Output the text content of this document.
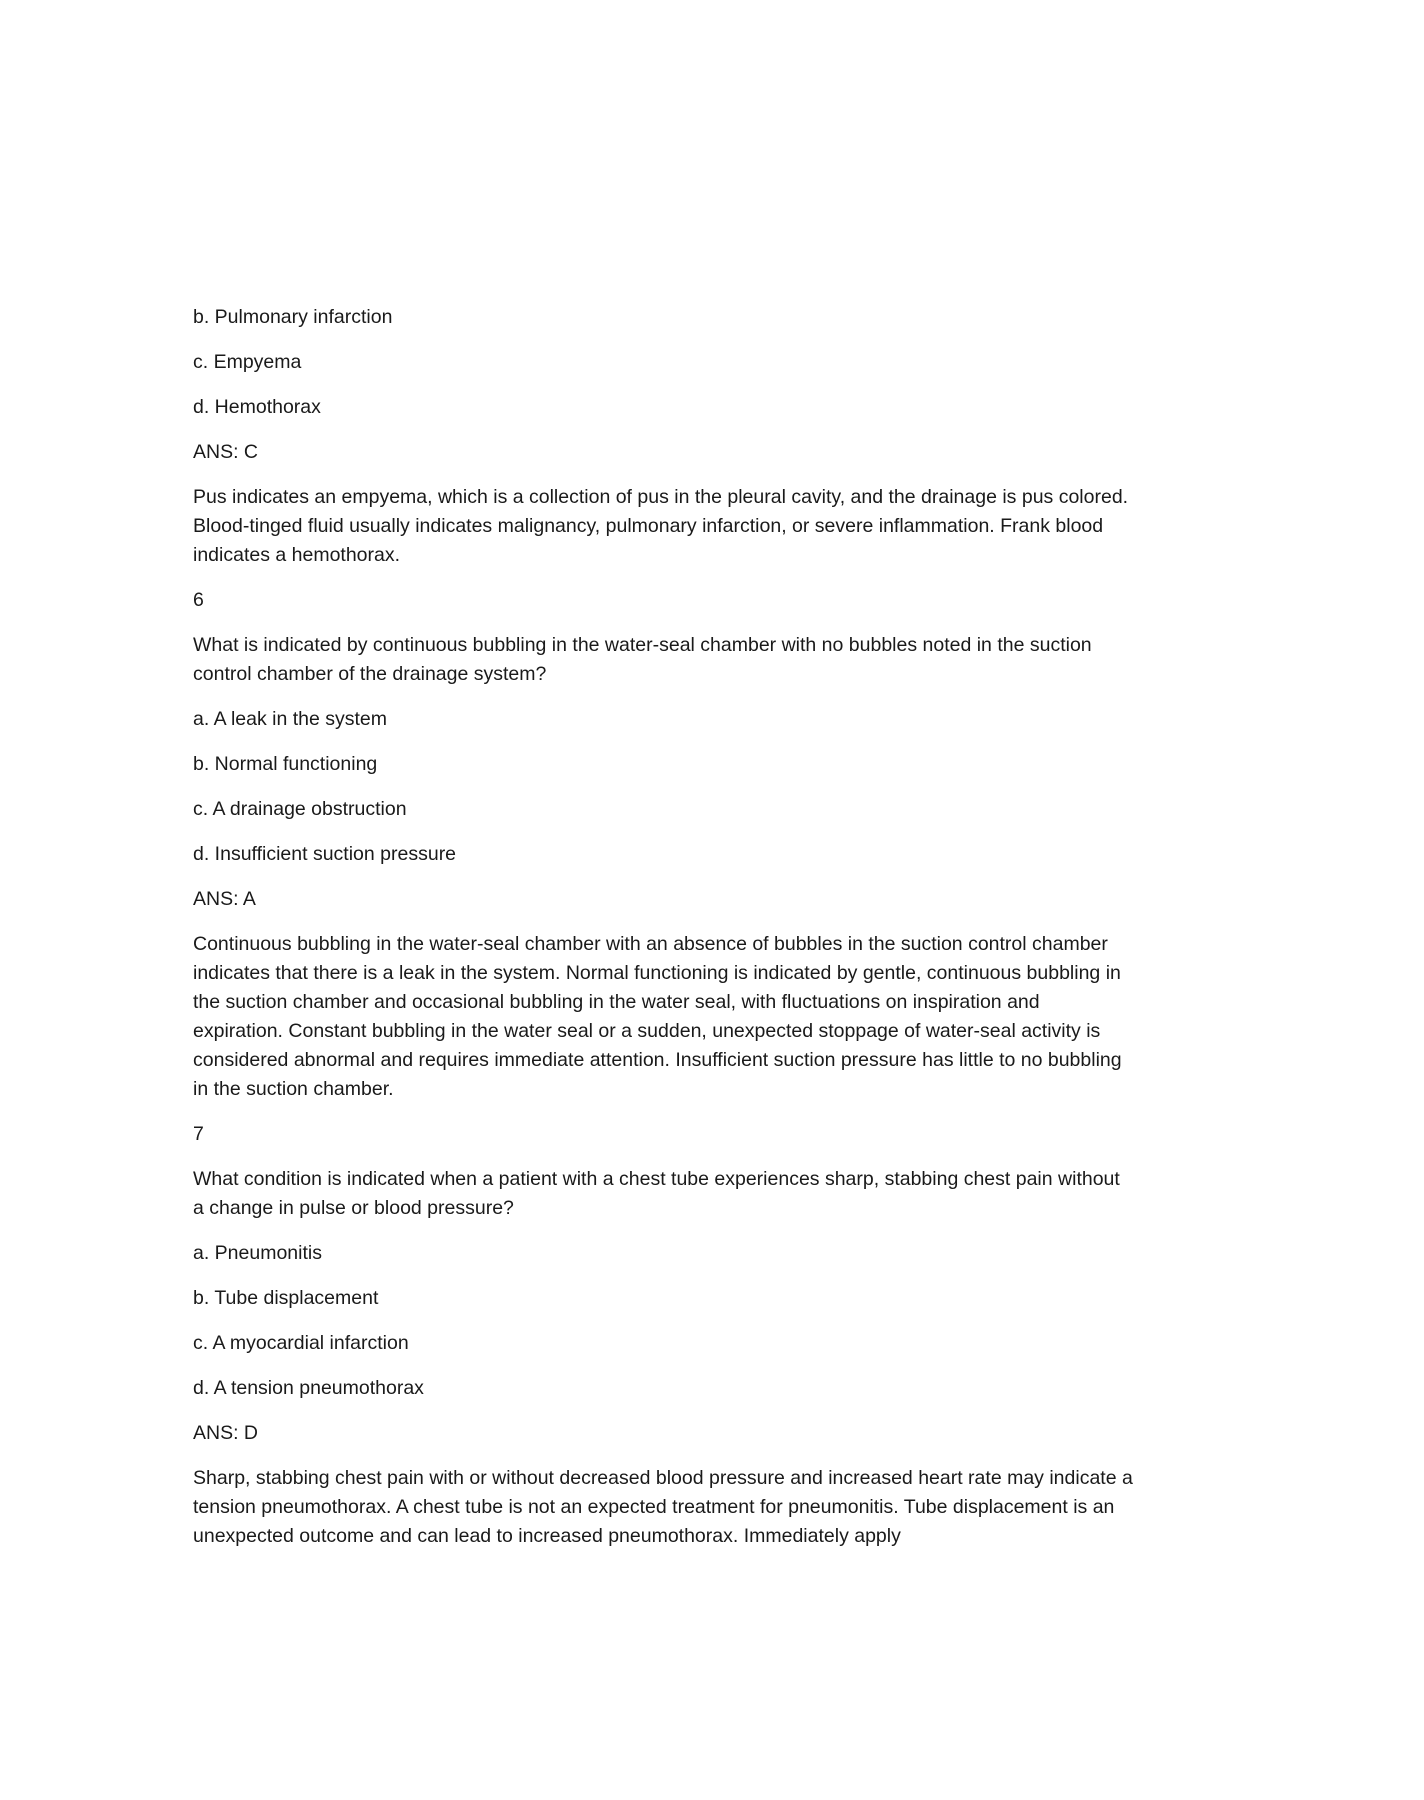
b. Pulmonary infarction

c. Empyema

d. Hemothorax

ANS: C

Pus indicates an empyema, which is a collection of pus in the pleural cavity, and the drainage is pus colored. Blood-tinged fluid usually indicates malignancy, pulmonary infarction, or severe inflammation. Frank blood indicates a hemothorax.

6

What is indicated by continuous bubbling in the water-seal chamber with no bubbles noted in the suction control chamber of the drainage system?

a. A leak in the system

b. Normal functioning

c. A drainage obstruction

d. Insufficient suction pressure

ANS: A

Continuous bubbling in the water-seal chamber with an absence of bubbles in the suction control chamber indicates that there is a leak in the system. Normal functioning is indicated by gentle, continuous bubbling in the suction chamber and occasional bubbling in the water seal, with fluctuations on inspiration and expiration. Constant bubbling in the water seal or a sudden, unexpected stoppage of water-seal activity is considered abnormal and requires immediate attention. Insufficient suction pressure has little to no bubbling in the suction chamber.

7

What condition is indicated when a patient with a chest tube experiences sharp, stabbing chest pain without a change in pulse or blood pressure?

a. Pneumonitis

b. Tube displacement

c. A myocardial infarction

d. A tension pneumothorax

ANS: D

Sharp, stabbing chest pain with or without decreased blood pressure and increased heart rate may indicate a tension pneumothorax. A chest tube is not an expected treatment for pneumonitis. Tube displacement is an unexpected outcome and can lead to increased pneumothorax. Immediately apply
